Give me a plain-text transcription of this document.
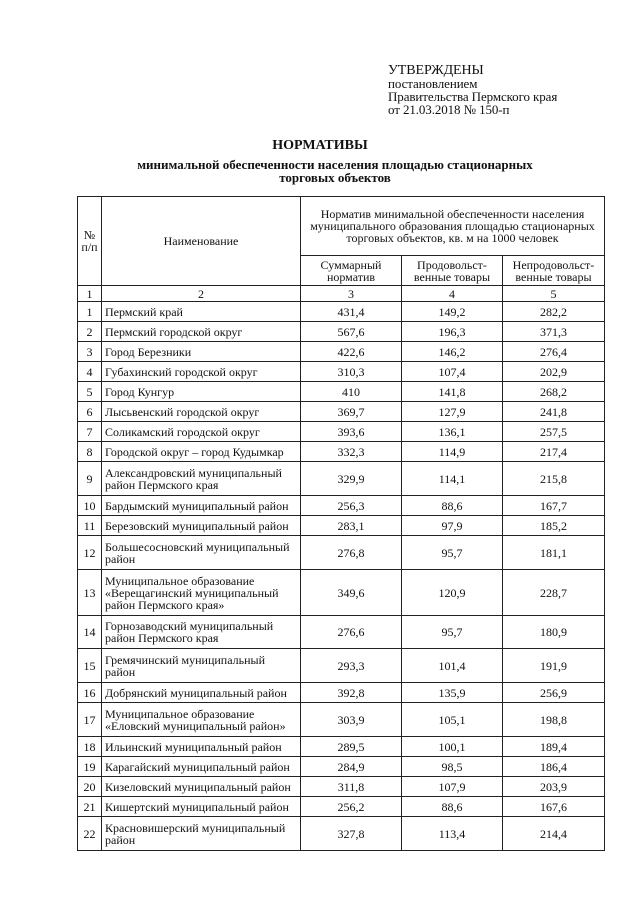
УТВЕРЖДЕНЫ
постановлением
Правительства Пермского края
от 21.03.2018 № 150-п
НОРМАТИВЫ
минимальной обеспеченности населения площадью стационарных
торговых объектов
№ п/п	Наименование	Норматив минимальной обеспеченности населения муниципального образования площадью стационарных торговых объектов, кв. м на 1000 человек		
		Суммарный норматив	Продовольст-венные товары	Непродовольст-венные товары
1	2	3	4	5
1	Пермский край	431,4	149,2	282,2
2	Пермский городской округ	567,6	196,3	371,3
3	Город Березники	422,6	146,2	276,4
4	Губахинский городской округ	310,3	107,4	202,9
5	Город Кунгур	410	141,8	268,2
6	Лысьвенский городской округ	369,7	127,9	241,8
7	Соликамский городской округ	393,6	136,1	257,5
8	Городской округ – город Кудымкар	332,3	114,9	217,4
9	Александровский муниципальный район Пермского края	329,9	114,1	215,8
10	Бардымский муниципальный район	256,3	88,6	167,7
11	Березовский муниципальный район	283,1	97,9	185,2
12	Большесосновский муниципальный район	276,8	95,7	181,1
13	Муниципальное образование «Верещагинский муниципальный район Пермского края»	349,6	120,9	228,7
14	Горнозаводский муниципальный район Пермского края	276,6	95,7	180,9
15	Гремячинский муниципальный район	293,3	101,4	191,9
16	Добрянский муниципальный район	392,8	135,9	256,9
17	Муниципальное образование «Еловский муниципальный район»	303,9	105,1	198,8
18	Ильинский муниципальный район	289,5	100,1	189,4
19	Карагайский муниципальный район	284,9	98,5	186,4
20	Кизеловский муниципальный район	311,8	107,9	203,9
21	Кишертский муниципальный район	256,2	88,6	167,6
22	Красновишерский муниципальный район	327,8	113,4	214,4
